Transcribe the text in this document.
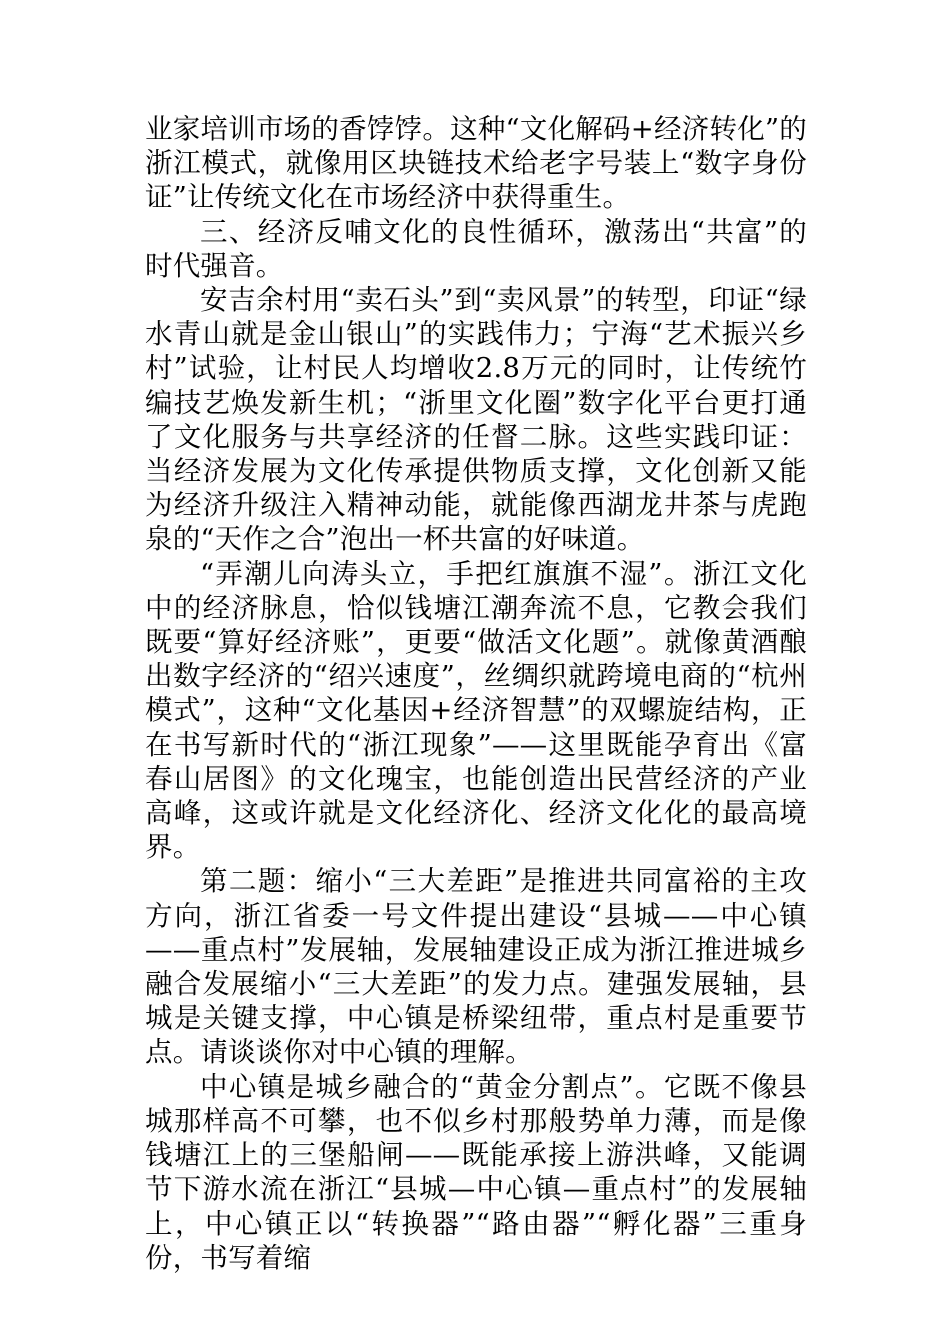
业家培训市场的香饽饽。这种“文化解码+经济转化”的浙江模式，就像用区块链技术给老字号装上“数字身份证”让传统文化在市场经济中获得重生。

三、经济反哺文化的良性循环，激荡出“共富”的时代强音。

安吉余村用“卖石头”到“卖风景”的转型，印证“绿水青山就是金山银山”的实践伟力；宁海“艺术振兴乡村”试验，让村民人均增收2.8万元的同时，让传统竹编技艺焕发新生机；“浙里文化圈”数字化平台更打通了文化服务与共享经济的任督二脉。这些实践印证：当经济发展为文化传承提供物质支撑，文化创新又能为经济升级注入精神动能，就能像西湖龙井茶与虎跑泉的“天作之合”泡出一杯共富的好味道。

“弄潮儿向涛头立，手把红旗旗不湿”。浙江文化中的经济脉息，恰似钱塘江潮奔流不息，它教会我们既要“算好经济账”，更要“做活文化题”。就像黄酒酿出数字经济的“绍兴速度”，丝绸织就跨境电商的“杭州模式”，这种“文化基因+经济智慧”的双螺旋结构，正在书写新时代的“浙江现象”——这里既能孕育出《富春山居图》的文化瑰宝，也能创造出民营经济的产业高峰，这或许就是文化经济化、经济文化化的最高境界。

第二题：缩小“三大差距”是推进共同富裕的主攻方向，浙江省委一号文件提出建设“县城——中心镇——重点村”发展轴，发展轴建设正成为浙江推进城乡融合发展缩小“三大差距”的发力点。建强发展轴，县城是关键支撑，中心镇是桥梁纽带，重点村是重要节点。请谈谈你对中心镇的理解。

中心镇是城乡融合的“黄金分割点”。它既不像县城那样高不可攀，也不似乡村那般势单力薄，而是像钱塘江上的三堡船闸——既能承接上游洪峰，又能调节下游水流在浙江“县城—中心镇—重点村”的发展轴上，中心镇正以“转换器”“路由器”“孵化器”三重身份，书写着缩
